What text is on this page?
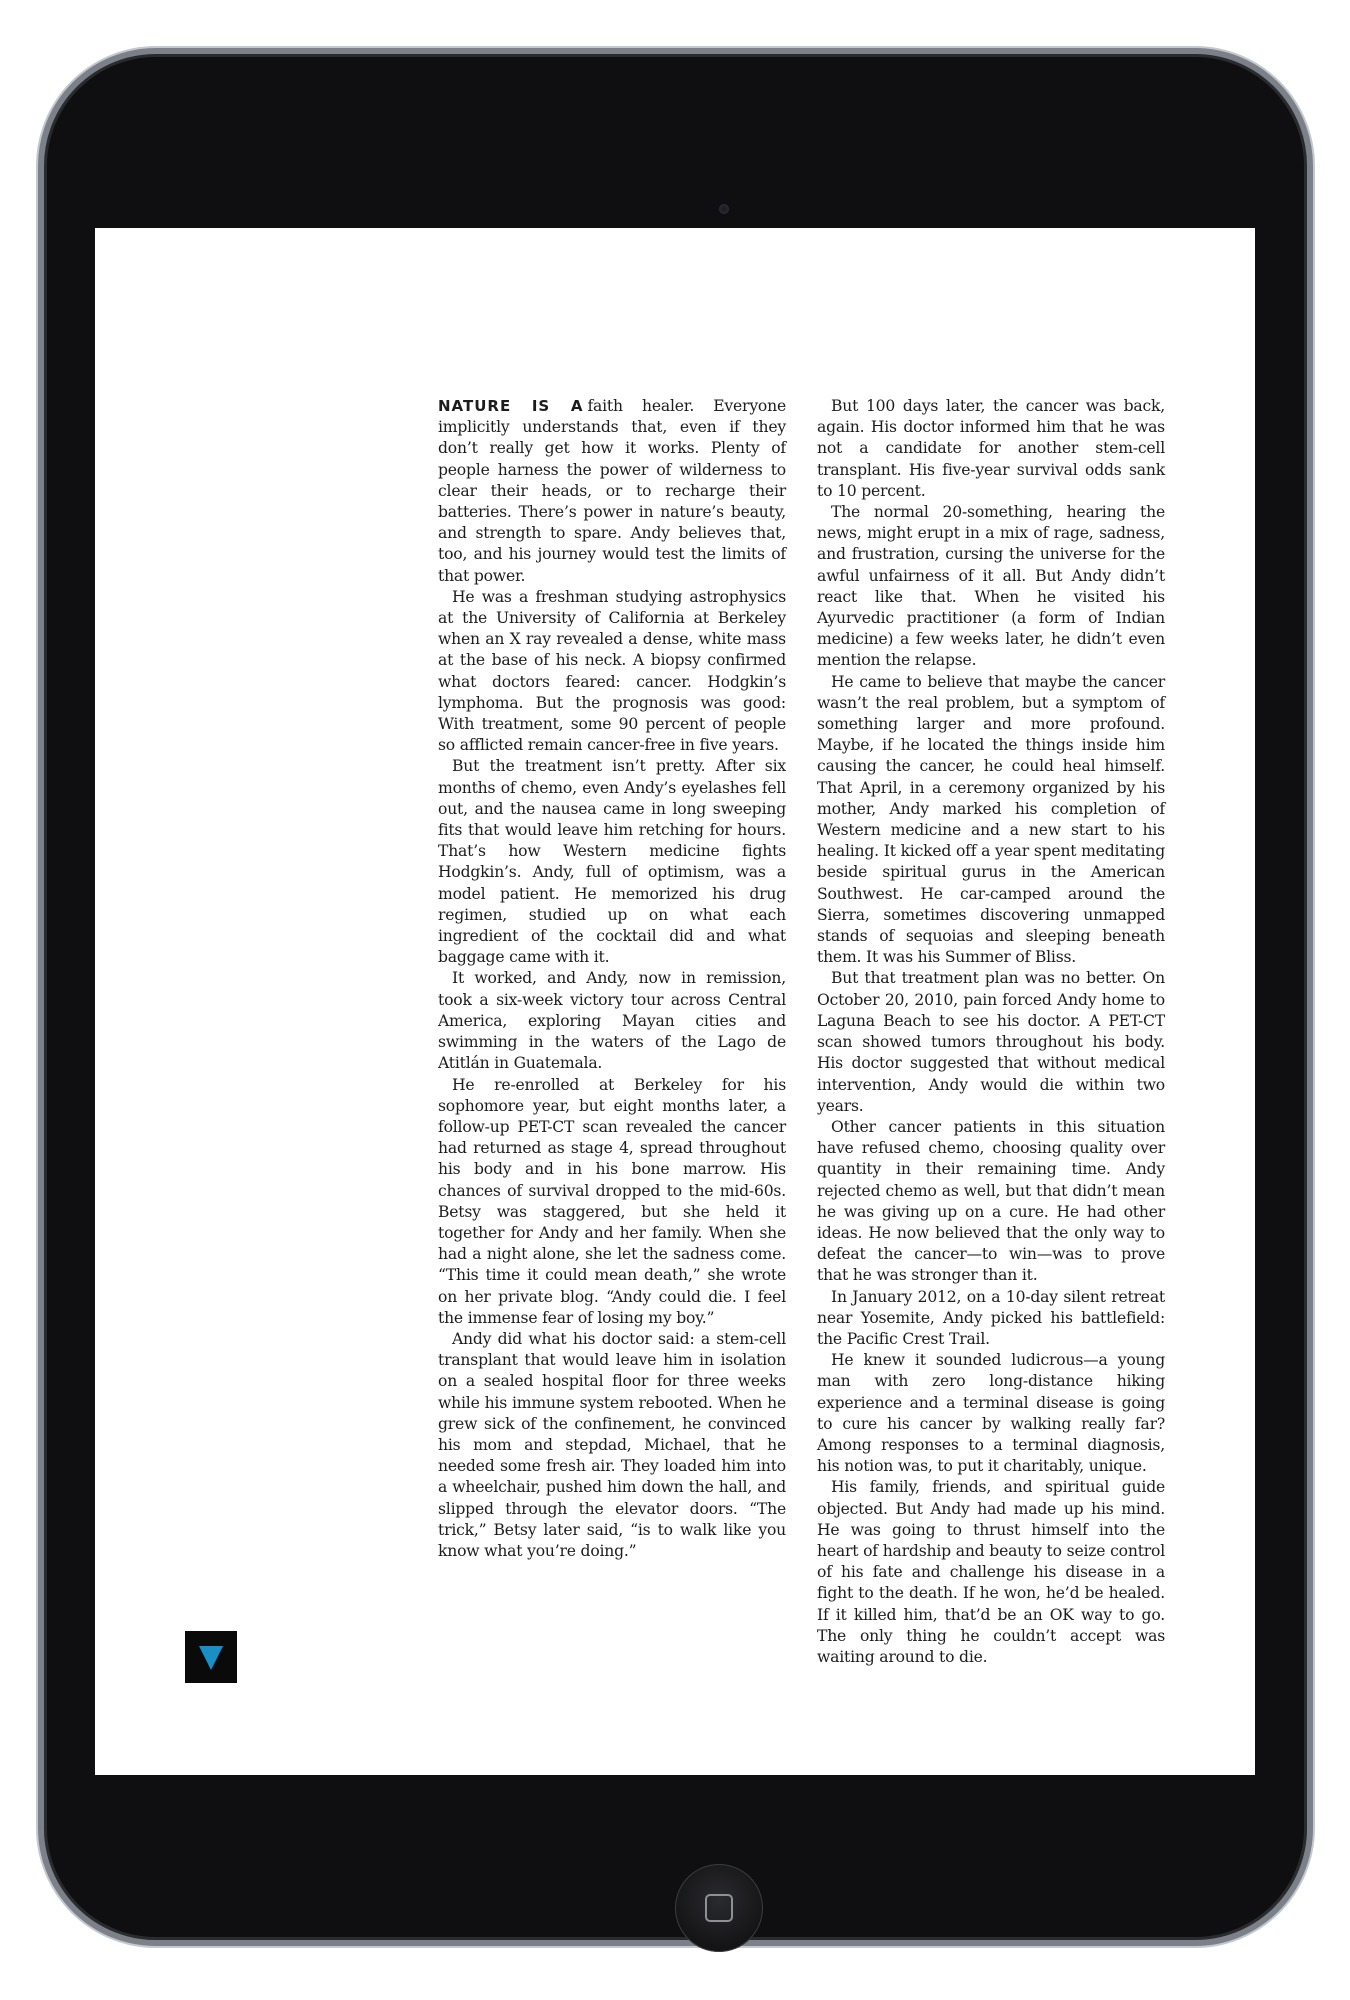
NATURE IS A faith healer. Everyone implicitly understands that, even if they don’t really get how it works. Plenty of people harness the power of wilderness to clear their heads, or to recharge their batteries. There’s power in nature’s beauty, and strength to spare. Andy believes that, too, and his journey would test the limits of that power.

He was a freshman studying astrophysics at the University of California at Berkeley when an X ray revealed a dense, white mass at the base of his neck. A biopsy confirmed what doctors feared: cancer. Hodgkin’s lymphoma. But the prognosis was good: With treatment, some 90 percent of people so afflicted remain cancer-free in five years.

But the treatment isn’t pretty. After six months of chemo, even Andy’s eyelashes fell out, and the nausea came in long sweeping fits that would leave him retching for hours. That’s how Western medicine fights Hodgkin’s. Andy, full of optimism, was a model patient. He memorized his drug regimen, studied up on what each ingredient of the cocktail did and what baggage came with it.

It worked, and Andy, now in remission, took a six-week victory tour across Central America, exploring Mayan cities and swimming in the waters of the Lago de Atitlán in Guatemala.

He re-enrolled at Berkeley for his sophomore year, but eight months later, a follow-up PET-CT scan revealed the cancer had returned as stage 4, spread throughout his body and in his bone marrow. His chances of survival dropped to the mid-60s. Betsy was staggered, but she held it together for Andy and her family. When she had a night alone, she let the sadness come. “This time it could mean death,” she wrote on her private blog. “Andy could die. I feel the immense fear of losing my boy.”

Andy did what his doctor said: a stem-cell transplant that would leave him in isolation on a sealed hospital floor for three weeks while his immune system rebooted. When he grew sick of the confinement, he convinced his mom and stepdad, Michael, that he needed some fresh air. They loaded him into a wheelchair, pushed him down the hall, and slipped through the elevator doors. “The trick,” Betsy later said, “is to walk like you know what you’re doing.”

But 100 days later, the cancer was back, again. His doctor informed him that he was not a candidate for another stem-cell transplant. His five-year survival odds sank to 10 percent.

The normal 20-something, hearing the news, might erupt in a mix of rage, sadness, and frustration, cursing the universe for the awful unfairness of it all. But Andy didn’t react like that. When he visited his Ayurvedic practitioner (a form of Indian medicine) a few weeks later, he didn’t even mention the relapse.

He came to believe that maybe the cancer wasn’t the real problem, but a symptom of something larger and more profound. Maybe, if he located the things inside him causing the cancer, he could heal himself. That April, in a ceremony organized by his mother, Andy marked his completion of Western medicine and a new start to his healing. It kicked off a year spent meditating beside spiritual gurus in the American Southwest. He car-camped around the Sierra, sometimes discovering unmapped stands of sequoias and sleeping beneath them. It was his Summer of Bliss.

But that treatment plan was no better. On October 20, 2010, pain forced Andy home to Laguna Beach to see his doctor. A PET-CT scan showed tumors throughout his body. His doctor suggested that without medical intervention, Andy would die within two years.

Other cancer patients in this situation have refused chemo, choosing quality over quantity in their remaining time. Andy rejected chemo as well, but that didn’t mean he was giving up on a cure. He had other ideas. He now believed that the only way to defeat the cancer—to win—was to prove that he was stronger than it.

In January 2012, on a 10-day silent retreat near Yosemite, Andy picked his battlefield: the Pacific Crest Trail.

He knew it sounded ludicrous—a young man with zero long-distance hiking experience and a terminal disease is going to cure his cancer by walking really far? Among responses to a terminal diagnosis, his notion was, to put it charitably, unique.

His family, friends, and spiritual guide objected. But Andy had made up his mind. He was going to thrust himself into the heart of hardship and beauty to seize control of his fate and challenge his disease in a fight to the death. If he won, he’d be healed. If it killed him, that’d be an OK way to go. The only thing he couldn’t accept was waiting around to die.
